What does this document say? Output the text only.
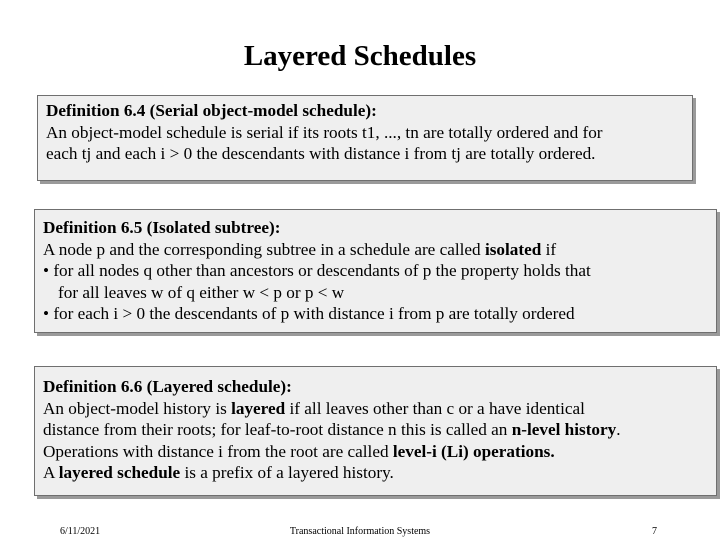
Layered Schedules
Definition 6.4 (Serial object-model schedule):
An object-model schedule is serial if its roots t1, ..., tn are totally ordered and for
each tj and each i > 0 the descendants with distance i from tj are totally ordered.
Definition 6.5 (Isolated subtree):
A node p and the corresponding subtree in a schedule are called isolated if
• for all nodes q other than ancestors or descendants of p the property holds that
for all leaves w of q either w < p or p < w
• for each i > 0 the descendants of p with distance i from p are totally ordered
Definition 6.6 (Layered schedule):
An object-model history is layered if all leaves other than c or a have identical
distance from their roots; for leaf-to-root distance n this is called an n-level history.
Operations with distance i from the root are called level-i (Li) operations.
A layered schedule is a prefix of a layered history.
6/11/2021	Transactional Information Systems	7
